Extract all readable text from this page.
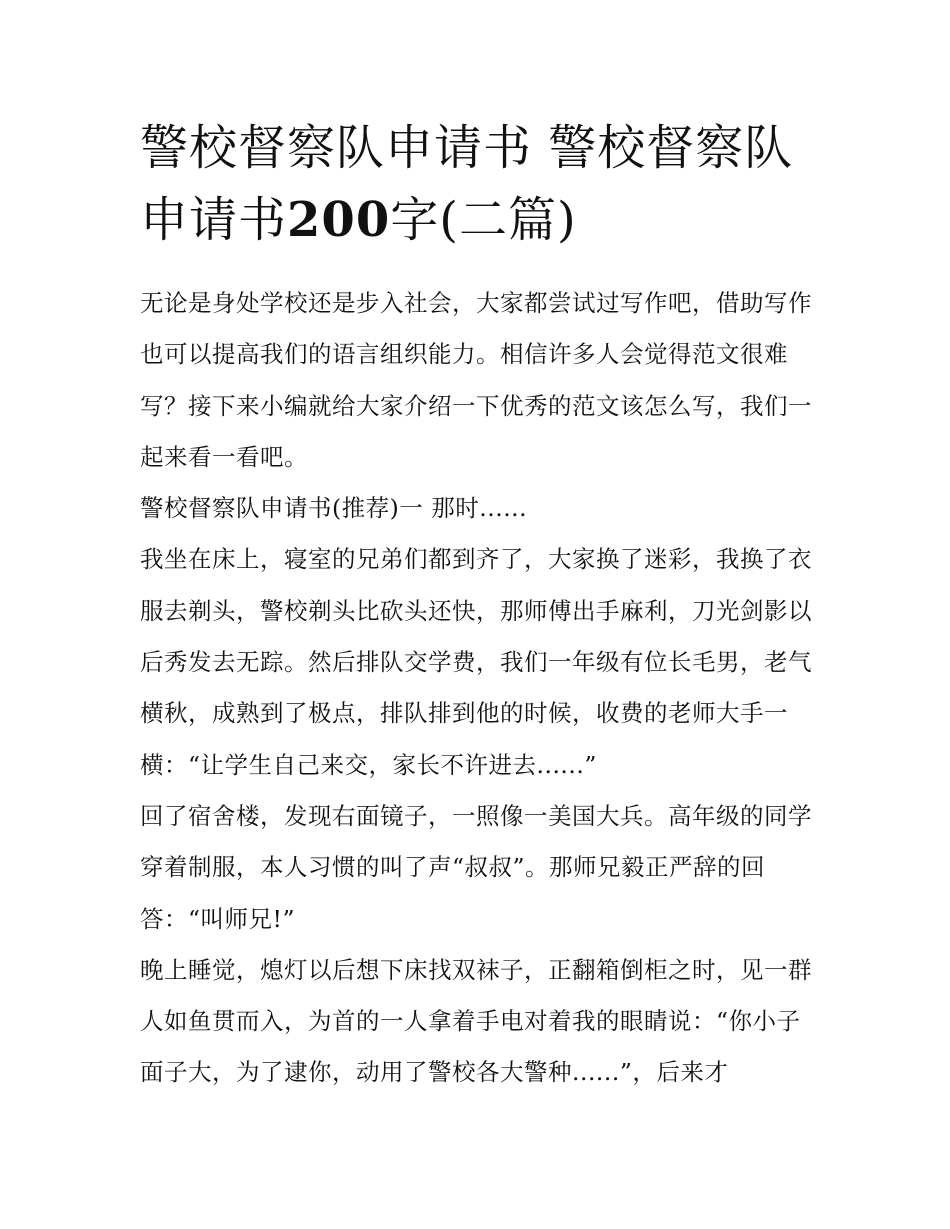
警校督察队申请书 警校督察队申请书200字(二篇)

无论是身处学校还是步入社会，大家都尝试过写作吧，借助写作也可以提高我们的语言组织能力。相信许多人会觉得范文很难写？接下来小编就给大家介绍一下优秀的范文该怎么写，我们一起来看一看吧。

警校督察队申请书(推荐)一 那时......

我坐在床上，寝室的兄弟们都到齐了，大家换了迷彩，我换了衣服去剃头，警校剃头比砍头还快，那师傅出手麻利，刀光剑影以后秀发去无踪。然后排队交学费，我们一年级有位长毛男，老气横秋，成熟到了极点，排队排到他的时候，收费的老师大手一横：“让学生自己来交，家长不许进去......”

回了宿舍楼，发现右面镜子，一照像一美国大兵。高年级的同学穿着制服，本人习惯的叫了声“叔叔”。那师兄毅正严辞的回答：“叫师兄!”

晚上睡觉，熄灯以后想下床找双袜子，正翻箱倒柜之时，见一群人如鱼贯而入，为首的一人拿着手电对着我的眼睛说：“你小子面子大，为了逮你，动用了警校各大警种......”，后来才
